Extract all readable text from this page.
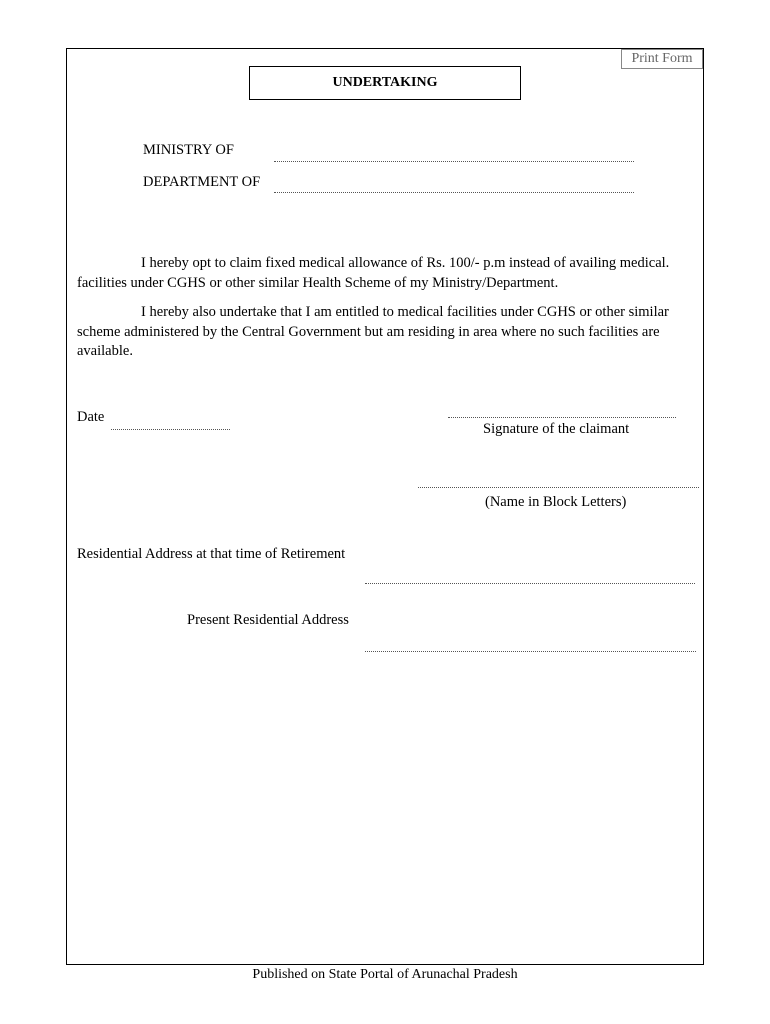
Print Form
UNDERTAKING
MINISTRY OF
DEPARTMENT OF

I hereby opt to claim fixed medical allowance of Rs. 100/- p.m instead of availing medical.

facilities under CGHS or other similar Health Scheme of my Ministry/Department.

I hereby also undertake that I am entitled to medical facilities under CGHS or other similar

scheme administered by the Central Government but am residing in area where no such facilities are
available.
Date
Signature of the claimant
(Name in Block Letters)
Residential Address at that time of Retirement
Present Residential Address
Published on State Portal of Arunachal Pradesh
